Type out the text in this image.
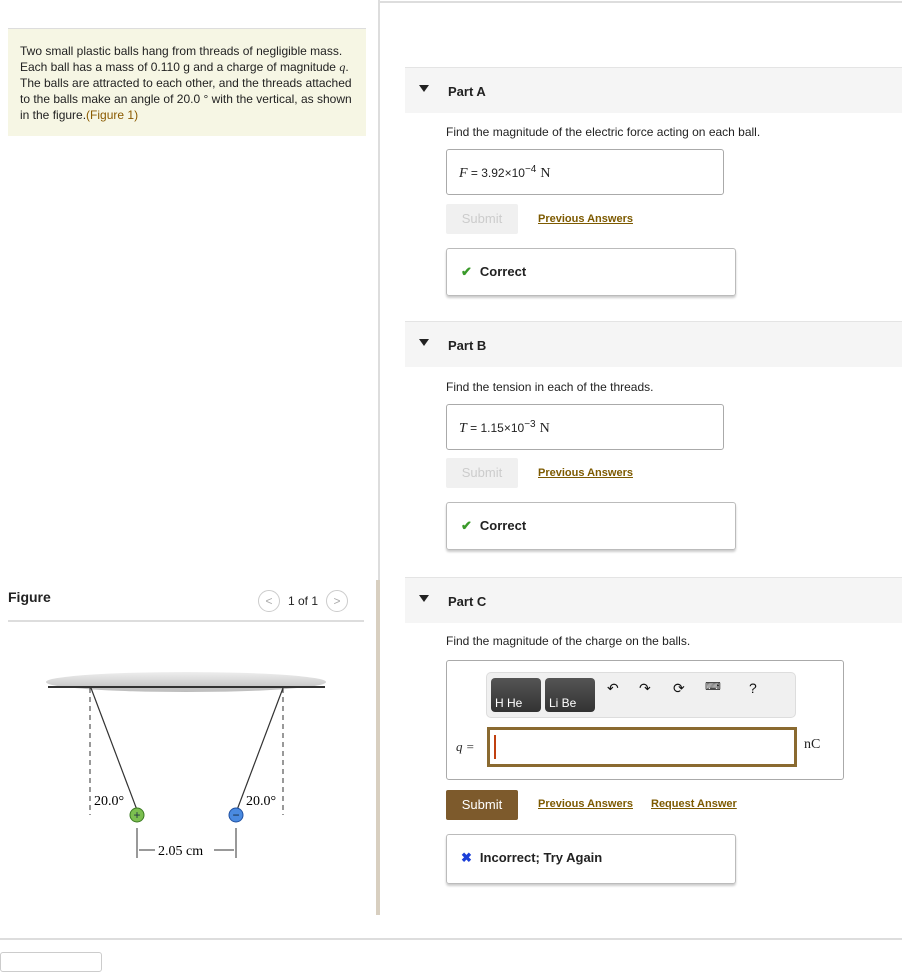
Two small plastic balls hang from threads of negligible mass. Each ball has a mass of 0.110 g and a charge of magnitude q. The balls are attracted to each other, and the threads attached to the balls make an angle of 20.0 ° with the vertical, as shown in the figure.(Figure 1)
Figure	<	1 of 1	>
+	−
20.0°	20.0°
2.05 cm
Part A
Find the magnitude of the electric force acting on each ball.
$F = 3.92\times 10^{-4}$ N
Submit	Previous Answers
✔ Correct
Part B
Find the tension in each of the threads.
$T = 1.15\times 10^{-3}$ N
Submit	Previous Answers
✔ Correct
Part C
Find the magnitude of the charge on the balls.
H He	Li Be
↶ ↷ ⟳ ⌨ ?
q =	nC
Submit	Previous Answers Request Answer
✖ Incorrect; Try Again
